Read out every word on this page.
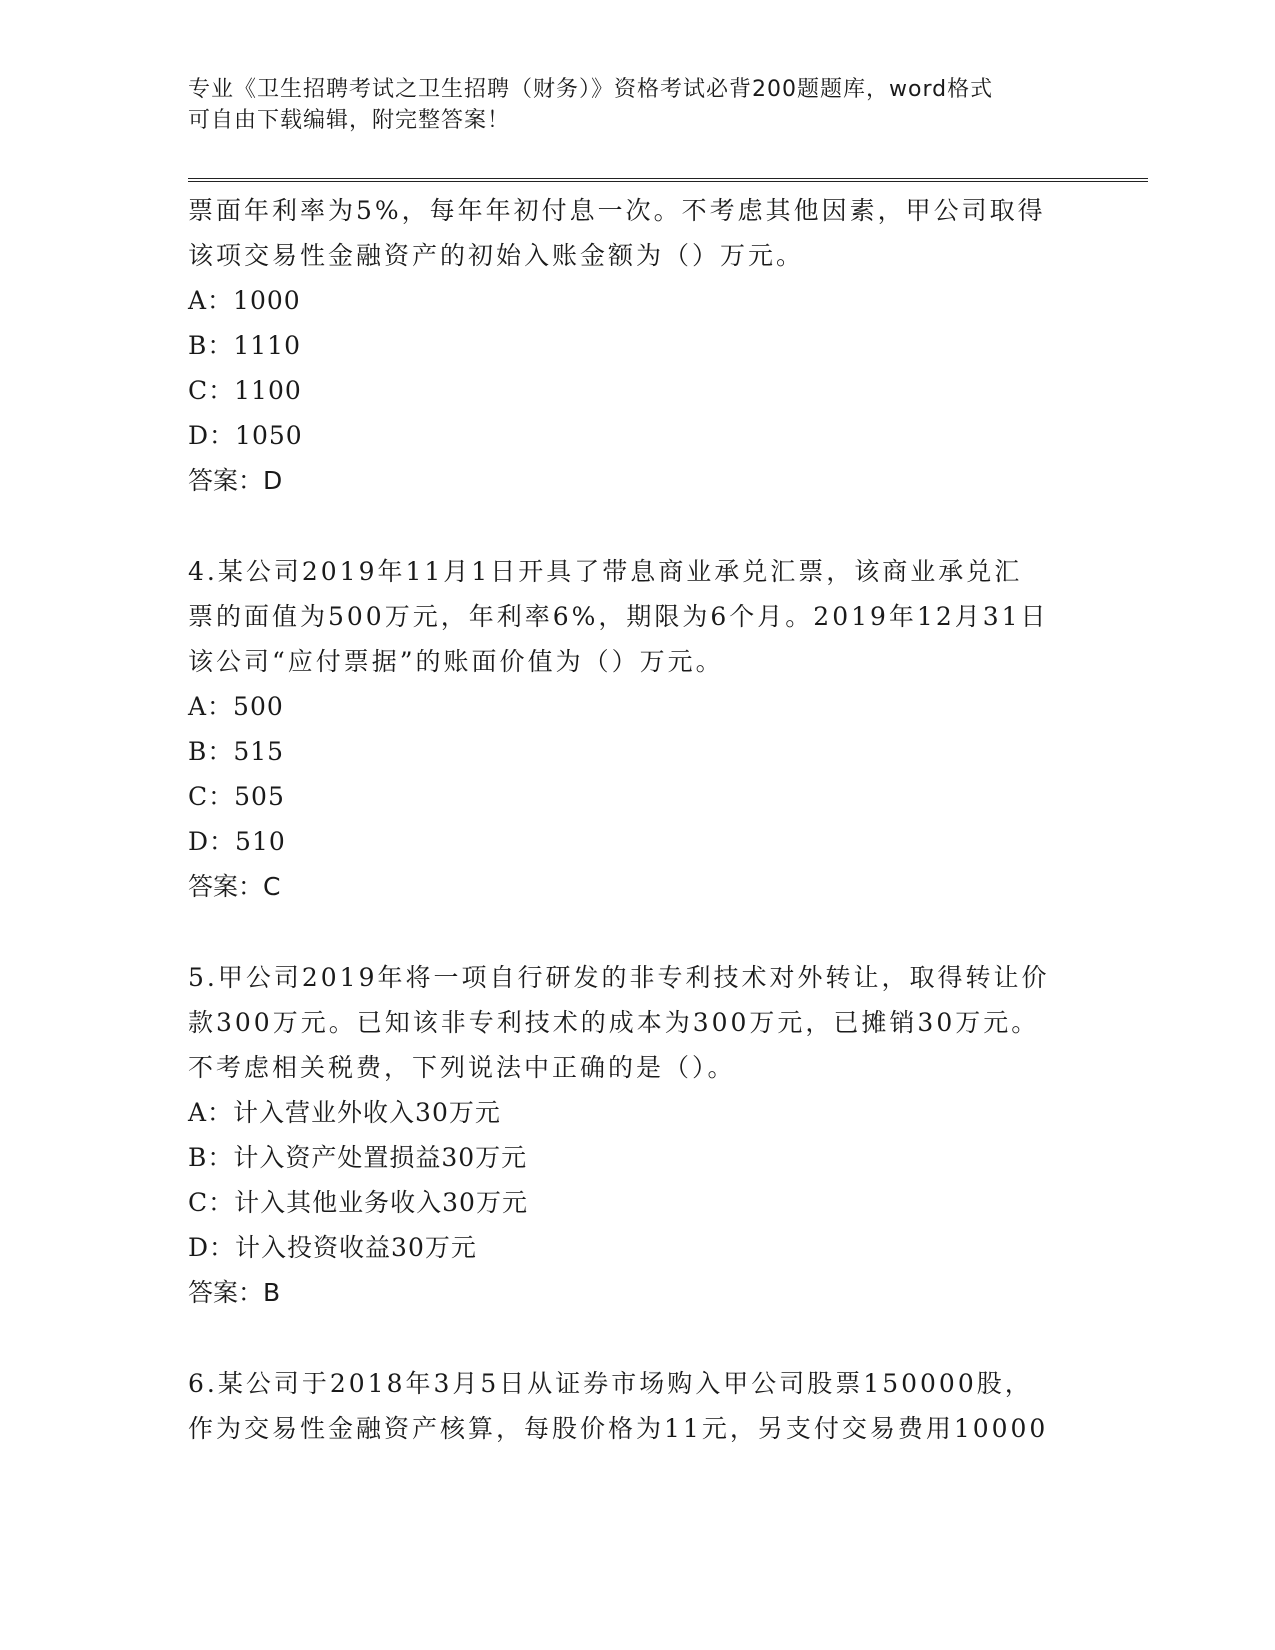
专业《卫生招聘考试之卫生招聘（财务）》资格考试必背200题题库，word格式
可自由下载编辑，附完整答案！

票面年利率为5%，每年年初付息一次。不考虑其他因素，甲公司取得

该项交易性金融资产的初始入账金额为（）万元。

A：1000

B：1110

C：1100

D：1050

答案：D

4.某公司2019年11月1日开具了带息商业承兑汇票，该商业承兑汇

票的面值为500万元，年利率6%，期限为6个月。2019年12月31日

该公司“应付票据”的账面价值为（）万元。

A：500

B：515

C：505

D：510

答案：C

5.甲公司2019年将一项自行研发的非专利技术对外转让，取得转让价

款300万元。已知该非专利技术的成本为300万元，已摊销30万元。

不考虑相关税费，下列说法中正确的是（）。

A：计入营业外收入30万元

B：计入资产处置损益30万元

C：计入其他业务收入30万元

D：计入投资收益30万元

答案：B

6.某公司于2018年3月5日从证券市场购入甲公司股票150000股，

作为交易性金融资产核算，每股价格为11元，另支付交易费用10000
